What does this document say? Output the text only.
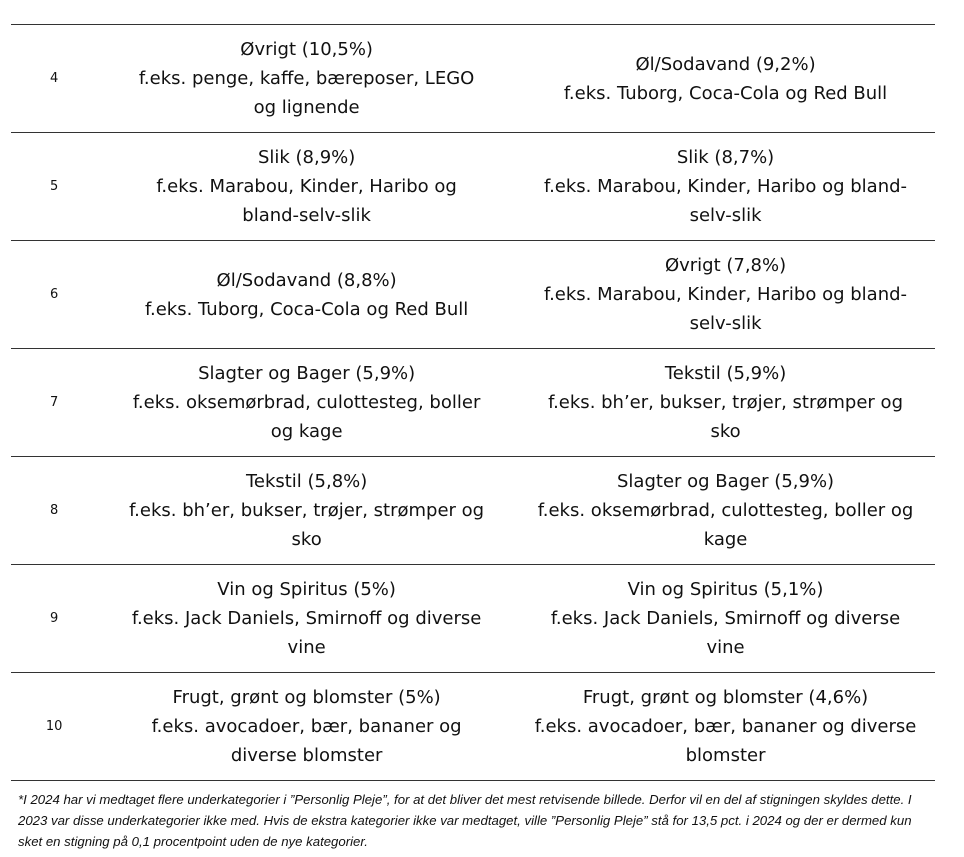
4	Øvrigt (10,5%)
f.eks. penge, kaffe, bæreposer, LEGO
og lignende	Øl/Sodavand (9,2%)
f.eks. Tuborg, Coca-Cola og Red Bull

5	Slik (8,9%)
f.eks. Marabou, Kinder, Haribo og
bland-selv-slik	Slik (8,7%)
f.eks. Marabou, Kinder, Haribo og bland-
selv-slik

6	Øl/Sodavand (8,8%)
f.eks. Tuborg, Coca-Cola og Red Bull	Øvrigt (7,8%)
f.eks. Marabou, Kinder, Haribo og bland-
selv-slik

7	Slagter og Bager (5,9%)
f.eks. oksemørbrad, culottesteg, boller
og kage	Tekstil (5,9%)
f.eks. bh’er, bukser, trøjer, strømper og
sko

8	Tekstil (5,8%)
f.eks. bh’er, bukser, trøjer, strømper og
sko	Slagter og Bager (5,9%)
f.eks. oksemørbrad, culottesteg, boller og
kage

9	Vin og Spiritus (5%)
f.eks. Jack Daniels, Smirnoff og diverse
vine	Vin og Spiritus (5,1%)
f.eks. Jack Daniels, Smirnoff og diverse
vine

10	Frugt, grønt og blomster (5%)
f.eks. avocadoer, bær, bananer og
diverse blomster	Frugt, grønt og blomster (4,6%)
f.eks. avocadoer, bær, bananer og diverse
blomster
*I 2024 har vi medtaget flere underkategorier i ”Personlig Pleje”, for at det bliver det mest retvisende billede. Derfor vil en del af stigningen skyldes dette. I 2023 var disse underkategorier ikke med. Hvis de ekstra kategorier ikke var medtaget, ville ”Personlig Pleje” stå for 13,5 pct. i 2024 og der er dermed kun sket en stigning på 0,1 procentpoint uden de nye kategorier.
